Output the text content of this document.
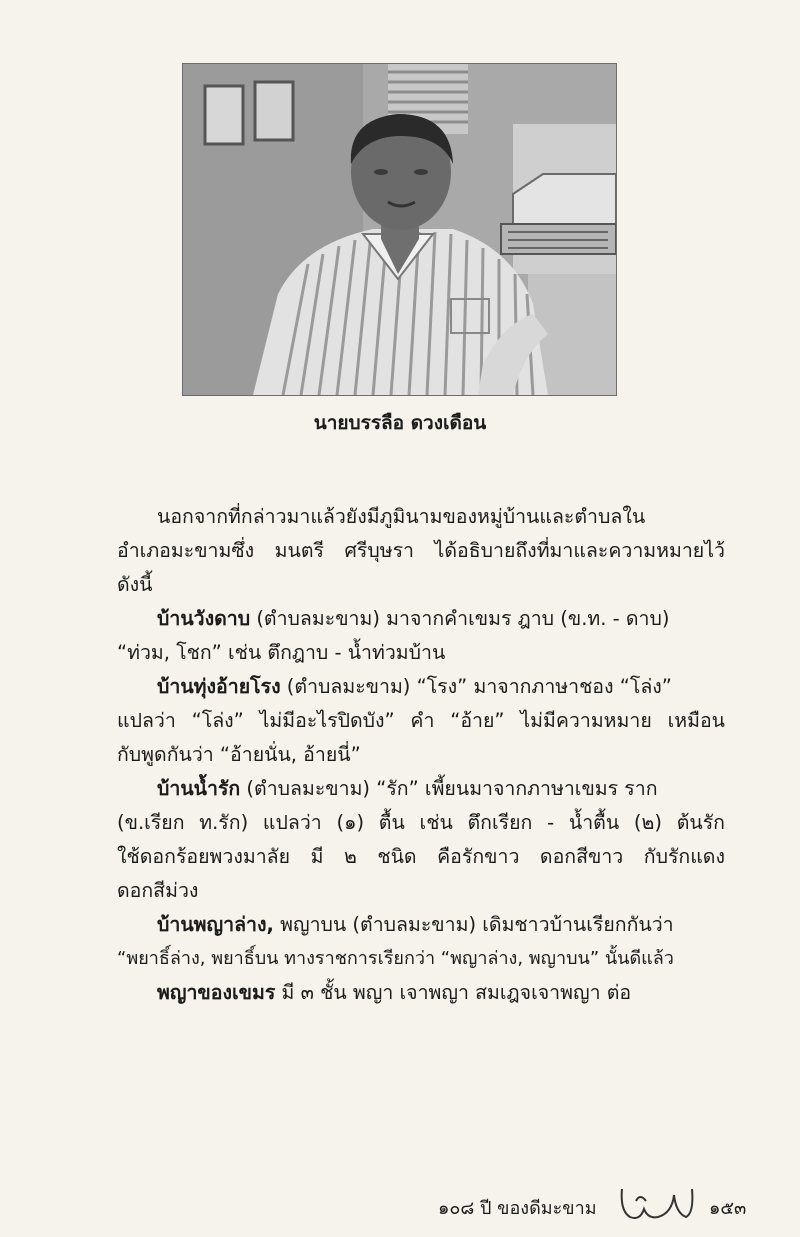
นายบรรลือ ดวงเดือน
นอกจากที่กล่าวมาแล้วยังมีภูมินามของหมู่บ้านและตำบลใน
อำเภอมะขามซึ่ง มนตรี ศรีบุษรา ได้อธิบายถึงที่มาและความหมายไว้
ดังนี้
บ้านวังดาบ (ตำบลมะขาม) มาจากคำเขมร ฎาบ (ข.ท. - ดาบ)
“ท่วม, โชก” เช่น ตึกฎาบ - น้ำท่วมบ้าน
บ้านทุ่งอ้ายโรง (ตำบลมะขาม) “โรง” มาจากภาษาชอง “โล่ง”
แปลว่า “โล่ง” ไม่มีอะไรปิดบัง” คำ “อ้าย” ไม่มีความหมาย เหมือน
กับพูดกันว่า “อ้ายนั่น, อ้ายนี่”
บ้านน้ำรัก (ตำบลมะขาม) “รัก” เพี้ยนมาจากภาษาเขมร ราก
(ข.เรียก ท.รัก) แปลว่า (๑) ตื้น เช่น ตึกเรียก - น้ำตื้น (๒) ต้นรัก
ใช้ดอกร้อยพวงมาลัย มี ๒ ชนิด คือรักขาว ดอกสีขาว กับรักแดง
ดอกสีม่วง
บ้านพญาล่าง, พญาบน (ตำบลมะขาม) เดิมชาวบ้านเรียกกันว่า
“พยาธิ์ล่าง, พยาธิ์บน ทางราชการเรียกว่า “พญาล่าง, พญาบน” นั้นดีแล้ว
พญาของเขมร มี ๓ ชั้น พญา เจาพญา สมเฎจเจาพญา ต่อ
๑๐๘ ปี ของดีมะขาม	๑๕๓
